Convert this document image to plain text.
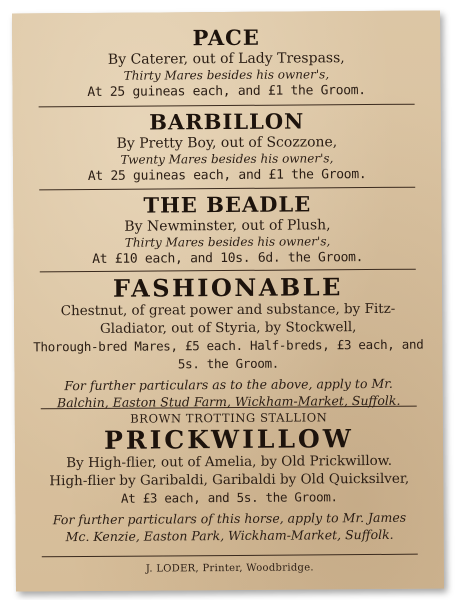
PACE
By Caterer, out of Lady Trespass,
Thirty Mares besides his owner's,
At 25 guineas each, and £1 the Groom.
BARBILLON
By Pretty Boy, out of Scozzone,
Twenty Mares besides his owner's,
At 25 guineas each, and £1 the Groom.
THE BEADLE
By Newminster, out of Plush,
Thirty Mares besides his owner's,
At £10 each, and 10s. 6d. the Groom.
FASHIONABLE
Chestnut, of great power and substance, by Fitz-
Gladiator, out of Styria, by Stockwell,
Thorough-bred Mares, £5 each. Half-breds, £3 each, and
5s. the Groom.
For further particulars as to the above, apply to Mr.
Balchin, Easton Stud Farm, Wickham-Market, Suffolk.
BROWN TROTTING STALLION
PRICKWILLOW
By High-flier, out of Amelia, by Old Prickwillow.
High-flier by Garibaldi, Garibaldi by Old Quicksilver,
At £3 each, and 5s. the Groom.
For further particulars of this horse, apply to Mr. James
Mc. Kenzie, Easton Park, Wickham-Market, Suffolk.
J. LODER, Printer, Woodbridge.
